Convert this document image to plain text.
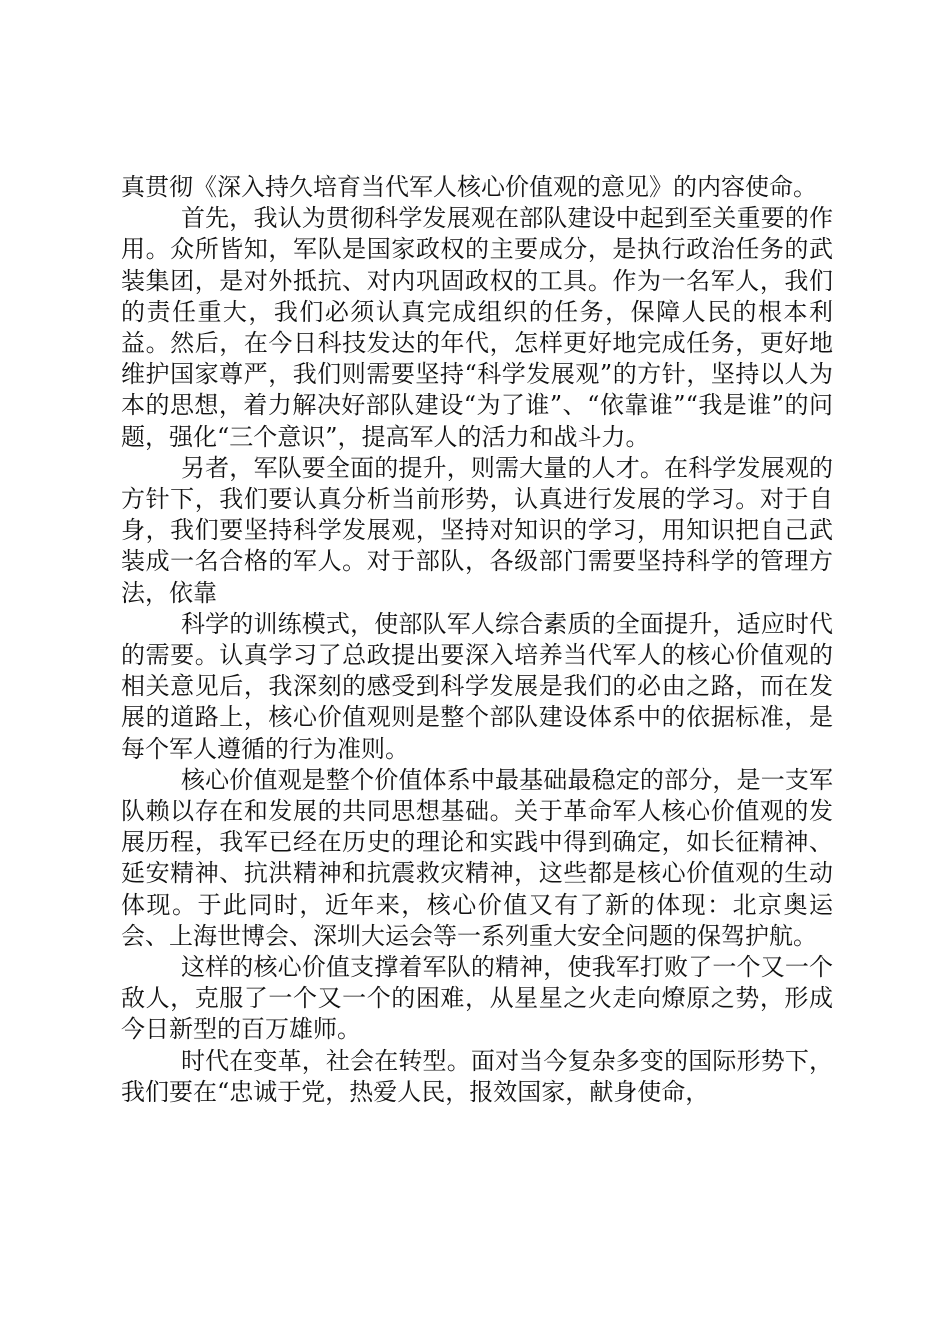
真贯彻《深入持久培育当代军人核心价值观的意见》的内容使命。

首先，我认为贯彻科学发展观在部队建设中起到至关重要的作用。众所皆知，军队是国家政权的主要成分，是执行政治任务的武装集团，是对外抵抗、对内巩固政权的工具。作为一名军人，我们的责任重大，我们必须认真完成组织的任务，保障人民的根本利益。然后，在今日科技发达的年代，怎样更好地完成任务，更好地维护国家尊严，我们则需要坚持“科学发展观”的方针，坚持以人为本的思想，着力解决好部队建设“为了谁”、“依靠谁”“我是谁”的问题，强化“三个意识”，提高军人的活力和战斗力。

另者，军队要全面的提升，则需大量的人才。在科学发展观的方针下，我们要认真分析当前形势，认真进行发展的学习。对于自身，我们要坚持科学发展观，坚持对知识的学习，用知识把自己武装成一名合格的军人。对于部队，各级部门需要坚持科学的管理方法，依靠

科学的训练模式，使部队军人综合素质的全面提升，适应时代的需要。认真学习了总政提出要深入培养当代军人的核心价值观的相关意见后，我深刻的感受到科学发展是我们的必由之路，而在发展的道路上，核心价值观则是整个部队建设体系中的依据标准，是每个军人遵循的行为准则。

核心价值观是整个价值体系中最基础最稳定的部分，是一支军队赖以存在和发展的共同思想基础。关于革命军人核心价值观的发展历程，我军已经在历史的理论和实践中得到确定，如长征精神、延安精神、抗洪精神和抗震救灾精神，这些都是核心价值观的生动体现。于此同时，近年来，核心价值又有了新的体现：北京奥运会、上海世博会、深圳大运会等一系列重大安全问题的保驾护航。

这样的核心价值支撑着军队的精神，使我军打败了一个又一个敌人，克服了一个又一个的困难，从星星之火走向燎原之势，形成今日新型的百万雄师。

时代在变革，社会在转型。面对当今复杂多变的国际形势下，我们要在“忠诚于党，热爱人民，报效国家，献身使命，
